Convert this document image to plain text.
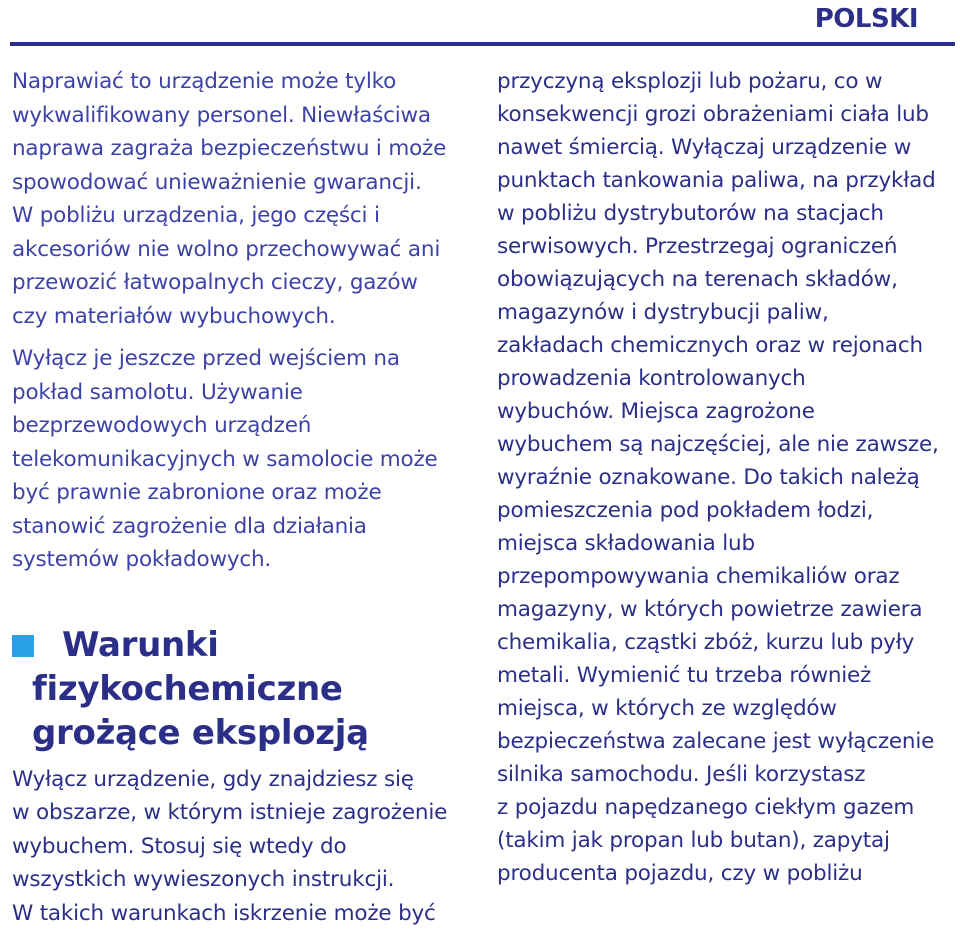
POLSKI
Naprawiać to urządzenie może tylko
wykwalifikowany personel. Niewłaściwa
naprawa zagraża bezpieczeństwu i może
spowodować unieważnienie gwarancji.
W pobliżu urządzenia, jego części i
akcesoriów nie wolno przechowywać ani
przewozić łatwopalnych cieczy, gazów
czy materiałów wybuchowych.
Wyłącz je jeszcze przed wejściem na
pokład samolotu. Używanie
bezprzewodowych urządzeń
telekomunikacyjnych w samolocie może
być prawnie zabronione oraz może
stanowić zagrożenie dla działania
systemów pokładowych.
Warunki
fizykochemiczne
grożące eksplozją
Wyłącz urządzenie, gdy znajdziesz się
w obszarze, w którym istnieje zagrożenie
wybuchem. Stosuj się wtedy do
wszystkich wywieszonych instrukcji.
W takich warunkach iskrzenie może być
przyczyną eksplozji lub pożaru, co w
konsekwencji grozi obrażeniami ciała lub
nawet śmiercią. Wyłączaj urządzenie w
punktach tankowania paliwa, na przykład
w pobliżu dystrybutorów na stacjach
serwisowych. Przestrzegaj ograniczeń
obowiązujących na terenach składów,
magazynów i dystrybucji paliw,
zakładach chemicznych oraz w rejonach
prowadzenia kontrolowanych
wybuchów. Miejsca zagrożone
wybuchem są najczęściej, ale nie zawsze,
wyraźnie oznakowane. Do takich należą
pomieszczenia pod pokładem łodzi,
miejsca składowania lub
przepompowywania chemikaliów oraz
magazyny, w których powietrze zawiera
chemikalia, cząstki zbóż, kurzu lub pyły
metali. Wymienić tu trzeba również
miejsca, w których ze względów
bezpieczeństwa zalecane jest wyłączenie
silnika samochodu. Jeśli korzystasz
z pojazdu napędzanego ciekłym gazem
(takim jak propan lub butan), zapytaj
producenta pojazdu, czy w pobliżu
